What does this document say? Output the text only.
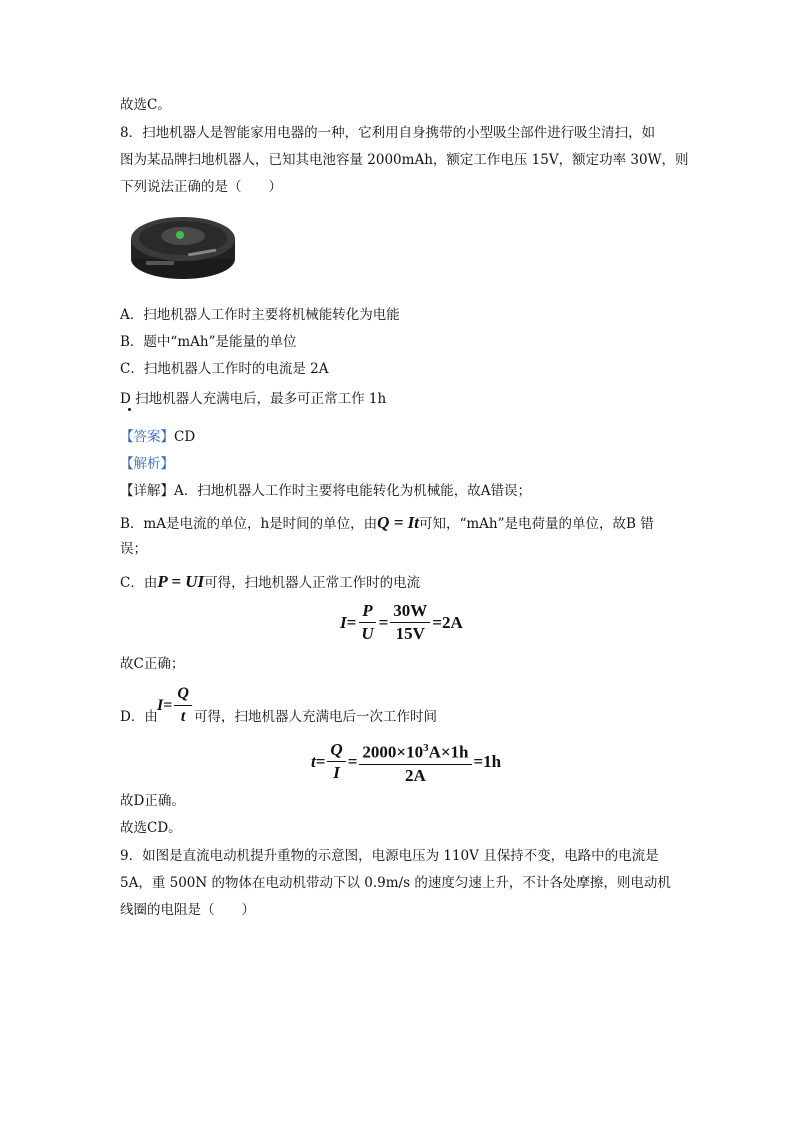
故选C。
8．扫地机器人是智能家用电器的一种，它利用自身携带的小型吸尘部件进行吸尘清扫，如
图为某品牌扫地机器人，已知其电池容量 2000mAh，额定工作电压 15V，额定功率 30W，则
下列说法正确的是（　　）
A．扫地机器人工作时主要将机械能转化为电能
B．题中“mAh”是能量的单位
C．扫地机器人工作时的电流是 2A
D 扫地机器人充满电后，最多可正常工作 1h
【答案】CD
【解析】
【详解】A．扫地机器人工作时主要将电能转化为机械能，故A错误；
B．mA是电流的单位，h是时间的单位，由Q = It可知，“mAh”是电荷量的单位，故B 错
误；
C．由P = UI可得，扫地机器人正常工作时的电流
$I = \frac{P}{U} = \frac{30W}{15V} =2A$
故C正确；
D．由
$I = \frac{Q}{t}$ 可得，扫地机器人充满电后一次工作时间
$t = \frac{Q}{I} = \frac{2000\times 10^3A\times 1h}{2A} =1h$
故D正确。
故选CD。
9．如图是直流电动机提升重物的示意图，电源电压为 110V 且保持不变，电路中的电流是
5A，重 500N 的物体在电动机带动下以 0.9m/s 的速度匀速上升，不计各处摩擦，则电动机
线圈的电阻是（　　）
